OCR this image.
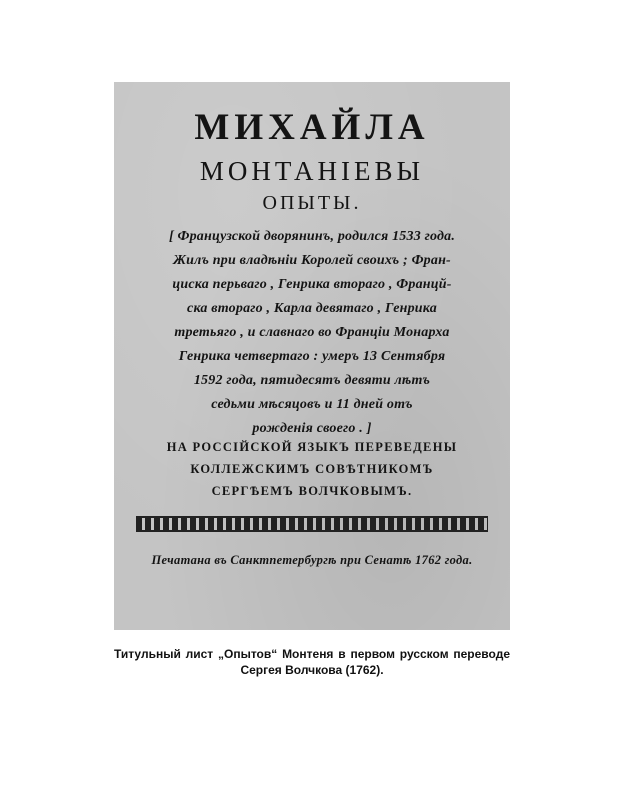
МИХАЙЛА
МОНТАНІЕВЫ
ОПЫТЫ.
[ Французской дворянинъ, родился 1533 года.
Жилъ при владѣніи Королей своихъ ; Фран-
циска перьваго , Генрика втораго , Францй-
ска втораго , Карла девятаго , Генрика
третьяго , и славнаго во Франціи Монарха
Генрика четвертаго : умеръ 13 Сентября
1592 года, пятидесятъ девяти лѣтъ
седьми мѣсяцовъ и 11 дней отъ
рожденія своего . ]
НА РОССІЙСКОЙ ЯЗЫКЪ ПЕРЕВЕДЕНЫ
КОЛЛЕЖСКИМЪ СОВѢТНИКОМЪ
СЕРГѢЕМЪ ВОЛЧКОВЫМЪ.
Печатана въ Санктпетербургѣ при Сенатѣ 1762 года.
Титульный лист „Опытов“ Монтеня в первом русском переводе
Сергея Волчкова (1762).
